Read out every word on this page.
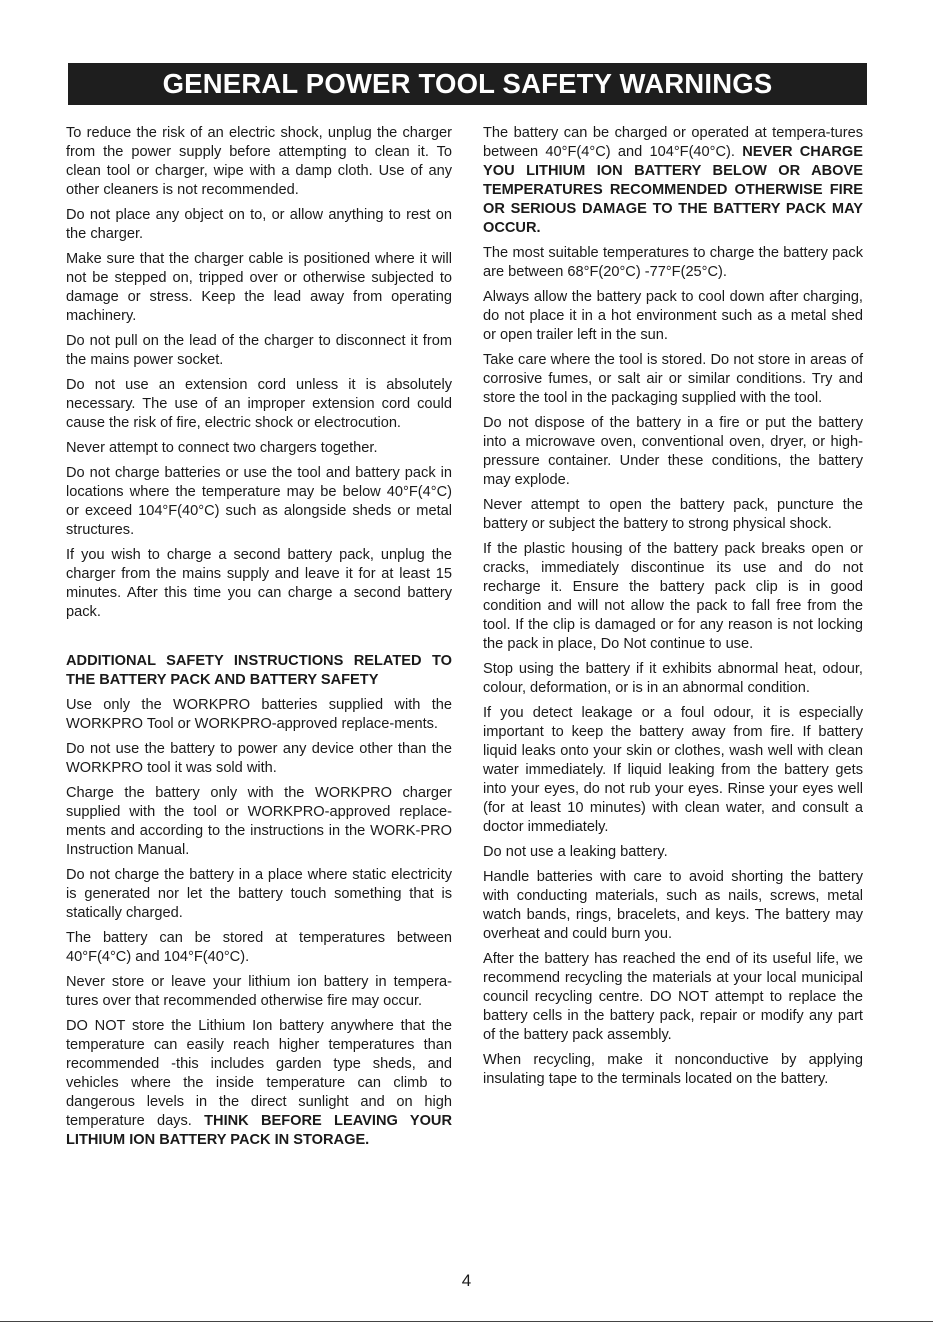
GENERAL POWER TOOL SAFETY WARNINGS

To reduce the risk of an electric shock, unplug the charger from the power supply before attempting to clean it. To clean tool or charger, wipe with a damp cloth. Use of any other cleaners is not recommended.

Do not place any object on to, or allow anything to rest on the charger.

Make sure that the charger cable is positioned where it will not be stepped on, tripped over or otherwise subjected to damage or stress. Keep the lead away from operating machinery.

Do not pull on the lead of the charger to disconnect it from the mains power socket.

Do not use an extension cord unless it is absolutely necessary. The use of an improper extension cord could cause the risk of fire, electric shock or electrocution.

Never attempt to connect two chargers together.

Do not charge batteries or use the tool and battery pack in locations where the temperature may be below 40°F(4°C) or exceed 104°F(40°C) such as alongside sheds or metal structures.

If you wish to charge a second battery pack, unplug the charger from the mains supply and leave it for at least 15 minutes. After this time you can charge a second battery pack.

ADDITIONAL SAFETY INSTRUCTIONS RELATED TO THE BATTERY PACK AND BATTERY SAFETY

Use only the WORKPRO batteries supplied with the WORKPRO Tool or WORKPRO-approved replace-ments.

Do not use the battery to power any device other than the WORKPRO tool it was sold with.

Charge the battery only with the WORKPRO charger supplied with the tool or WORKPRO-approved replace-ments and according to the instructions in the WORK-PRO Instruction Manual.

Do not charge the battery in a place where static electricity is generated nor let the battery touch something that is statically charged.

The battery can be stored at temperatures between 40°F(4°C) and 104°F(40°C).

Never store or leave your lithium ion battery in tempera-tures over that recommended otherwise fire may occur.

DO NOT store the Lithium Ion battery anywhere that the temperature can easily reach higher temperatures than recommended -this includes garden type sheds, and vehicles where the inside temperature can climb to dangerous levels in the direct sunlight and on high temperature days. THINK BEFORE LEAVING YOUR LITHIUM ION BATTERY PACK IN STORAGE.

The battery can be charged or operated at tempera-tures between 40°F(4°C) and 104°F(40°C). NEVER CHARGE YOU LITHIUM ION BATTERY BELOW OR ABOVE TEMPERATURES RECOMMENDED OTHERWISE FIRE OR SERIOUS DAMAGE TO THE BATTERY PACK MAY OCCUR.

The most suitable temperatures to charge the battery pack are between 68°F(20°C) -77°F(25°C).

Always allow the battery pack to cool down after charging, do not place it in a hot environment such as a metal shed or open trailer left in the sun.

Take care where the tool is stored. Do not store in areas of corrosive fumes, or salt air or similar conditions. Try and store the tool in the packaging supplied with the tool.

Do not dispose of the battery in a fire or put the battery into a microwave oven, conventional oven, dryer, or high-pressure container. Under these conditions, the battery may explode.

Never attempt to open the battery pack, puncture the battery or subject the battery to strong physical shock.

If the plastic housing of the battery pack breaks open or cracks, immediately discontinue its use and do not recharge it. Ensure the battery pack clip is in good condition and will not allow the pack to fall free from the tool. If the clip is damaged or for any reason is not locking the pack in place, Do Not continue to use.

Stop using the battery if it exhibits abnormal heat, odour, colour, deformation, or is in an abnormal condition.

If you detect leakage or a foul odour, it is especially important to keep the battery away from fire. If battery liquid leaks onto your skin or clothes, wash well with clean water immediately. If liquid leaking from the battery gets into your eyes, do not rub your eyes. Rinse your eyes well (for at least 10 minutes) with clean water, and consult a doctor immediately.

Do not use a leaking battery.

Handle batteries with care to avoid shorting the battery with conducting materials, such as nails, screws, metal watch bands, rings, bracelets, and keys. The battery may overheat and could burn you.

After the battery has reached the end of its useful life, we recommend recycling the materials at your local municipal council recycling centre. DO NOT attempt to replace the battery cells in the battery pack, repair or modify any part of the battery pack assembly.

When recycling, make it nonconductive by applying insulating tape to the terminals located on the battery.

4
